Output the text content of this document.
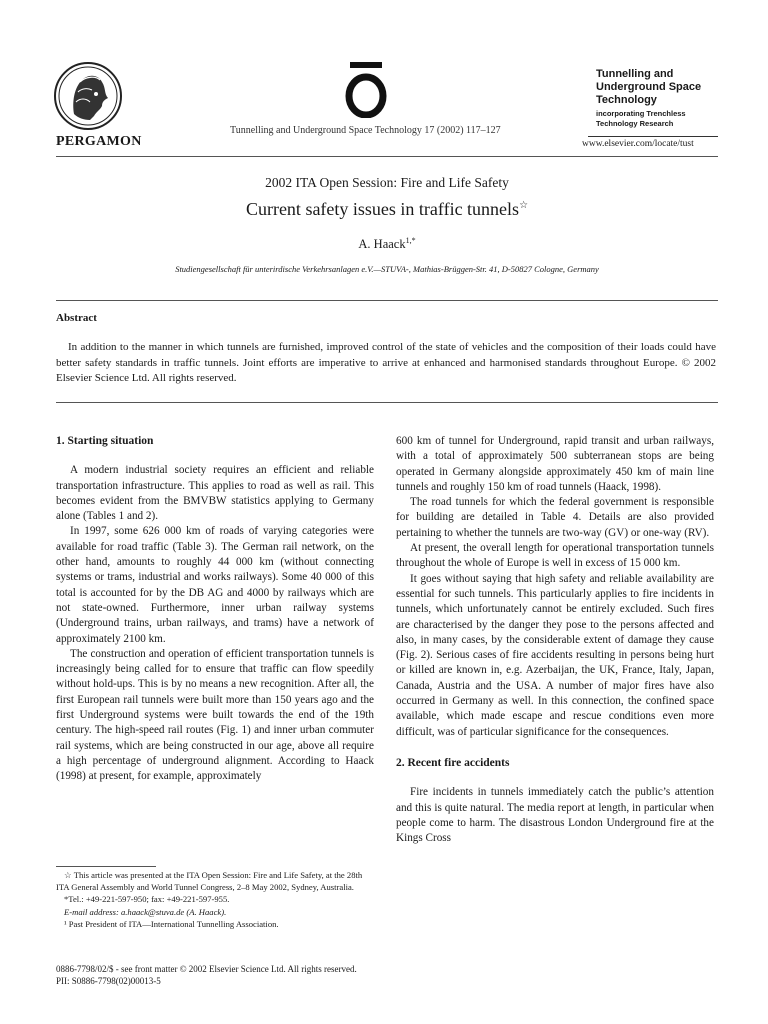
PERGAMON
Tunnelling and Underground Space Technology 17 (2002) 117–127
Tunnelling and
Underground Space
Technology
incorporating Trenchless
Technology Research
www.elsevier.com/locate/tust
2002 ITA Open Session: Fire and Life Safety
Current safety issues in traffic tunnels☆
A. Haack$^{1,*}$
Studiengesellschaft für unterirdische Verkehrsanlagen e.V.—STUVA-, Mathias-Brüggen-Str. 41, D-50827 Cologne, Germany
Abstract
In addition to the manner in which tunnels are furnished, improved control of the state of vehicles and the composition of their loads could have better safety standards in traffic tunnels. Joint efforts are imperative to arrive at enhanced and harmonised standards throughout Europe. © 2002 Elsevier Science Ltd. All rights reserved.
1. Starting situation

A modern industrial society requires an efficient and reliable transportation infrastructure. This applies to road as well as rail. This becomes evident from the BMVBW statistics applying to Germany alone (Tables 1 and 2).

In 1997, some 626 000 km of roads of varying categories were available for road traffic (Table 3). The German rail network, on the other hand, amounts to roughly 44 000 km (without connecting systems or trams, industrial and works railways). Some 40 000 of this total is accounted for by the DB AG and 4000 by railways which are not state-owned. Furthermore, inner urban railway systems (Underground trains, urban railways, and trams) have a network of approximately 2100 km.

The construction and operation of efficient transportation tunnels is increasingly being called for to ensure that traffic can flow speedily without hold-ups. This is by no means a new recognition. After all, the first European rail tunnels were built more than 150 years ago and the first Underground systems were built towards the end of the 19th century. The high-speed rail routes (Fig. 1) and inner urban commuter rail systems, which are being constructed in our age, above all require a high percentage of underground alignment. According to Haack (1998) at present, for example, approximately

600 km of tunnel for Underground, rapid transit and urban railways, with a total of approximately 500 subterranean stops are being operated in Germany alongside approximately 450 km of main line tunnels and roughly 150 km of road tunnels (Haack, 1998).

The road tunnels for which the federal government is responsible for building are detailed in Table 4. Details are also provided pertaining to whether the tunnels are two-way (GV) or one-way (RV).

At present, the overall length for operational transportation tunnels throughout the whole of Europe is well in excess of 15 000 km.

It goes without saying that high safety and reliable availability are essential for such tunnels. This particularly applies to fire incidents in tunnels, which unfortunately cannot be entirely excluded. Such fires are characterised by the danger they pose to the persons affected and also, in many cases, by the considerable extent of damage they cause (Fig. 2). Serious cases of fire accidents resulting in persons being hurt or killed are known in, e.g. Azerbaijan, the UK, France, Italy, Japan, Canada, Austria and the USA. A number of major fires have also occurred in Germany as well. In this connection, the confined space available, which made escape and rescue conditions even more difficult, was of particular significance for the consequences.

2. Recent fire accidents

Fire incidents in tunnels immediately catch the public’s attention and this is quite natural. The media report at length, in particular when people come to harm. The disastrous London Underground fire at the Kings Cross

☆ This article was presented at the ITA Open Session: Fire and Life Safety, at the 28th ITA General Assembly and World Tunnel Congress, 2–8 May 2002, Sydney, Australia.
*Tel.: +49-221-597-950; fax: +49-221-597-955.
E-mail address: a.haack@stuva.de (A. Haack).
¹ Past President of ITA—International Tunnelling Association.
0886-7798/02/$ - see front matter © 2002 Elsevier Science Ltd. All rights reserved.
PII: S0886-7798(02)00013-5
